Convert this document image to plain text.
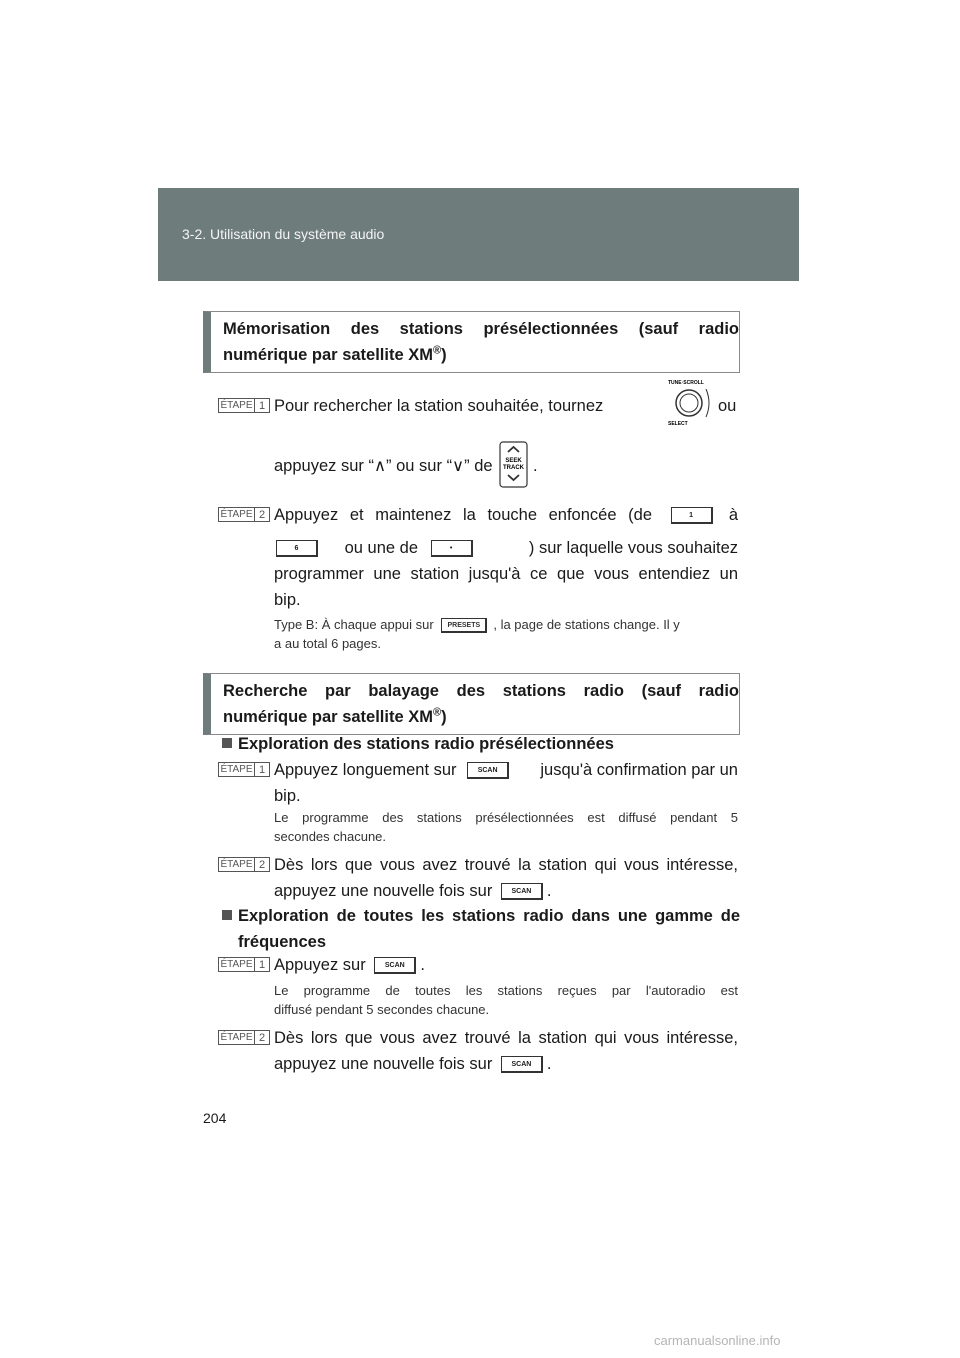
3-2. Utilisation du système audio
Mémorisation des stations présélectionnées (sauf radio
numérique par satellite XM®)
ÉTAPE 1 Pour rechercher la station souhaitée, tournez
TUNE·SCROLL
SELECT
ou
appuyez sur “∧” ou sur “∨” de	SEEK
TRACK .
ÉTAPE 2 Appuyez et maintenez la touche enfoncée (de	1 à
6	ou une de	•	) sur laquelle vous souhaitez
programmer une station jusqu'à ce que vous entendiez un
bip.
Type B: À chaque appui sur PRESETS , la page de stations change. Il y
a au total 6 pages.
Recherche par balayage des stations radio (sauf radio
numérique par satellite XM®)
Exploration des stations radio présélectionnées
ÉTAPE 1 Appuyez longuement sur	SCAN	jusqu'à confirmation par un

bip.
Le programme des stations présélectionnées est diffusé pendant 5
secondes chacune.
ÉTAPE 2 Dès lors que vous avez trouvé la station qui vous intéresse,
appuyez une nouvelle fois sur	SCAN .
Exploration de toutes les stations radio dans une gamme de
fréquences
ÉTAPE 1 Appuyez sur	SCAN .
Le programme de toutes les stations reçues par l'autoradio est
diffusé pendant 5 secondes chacune.
ÉTAPE 2 Dès lors que vous avez trouvé la station qui vous intéresse,
appuyez une nouvelle fois sur	SCAN .
204
carmanualsonline.info
